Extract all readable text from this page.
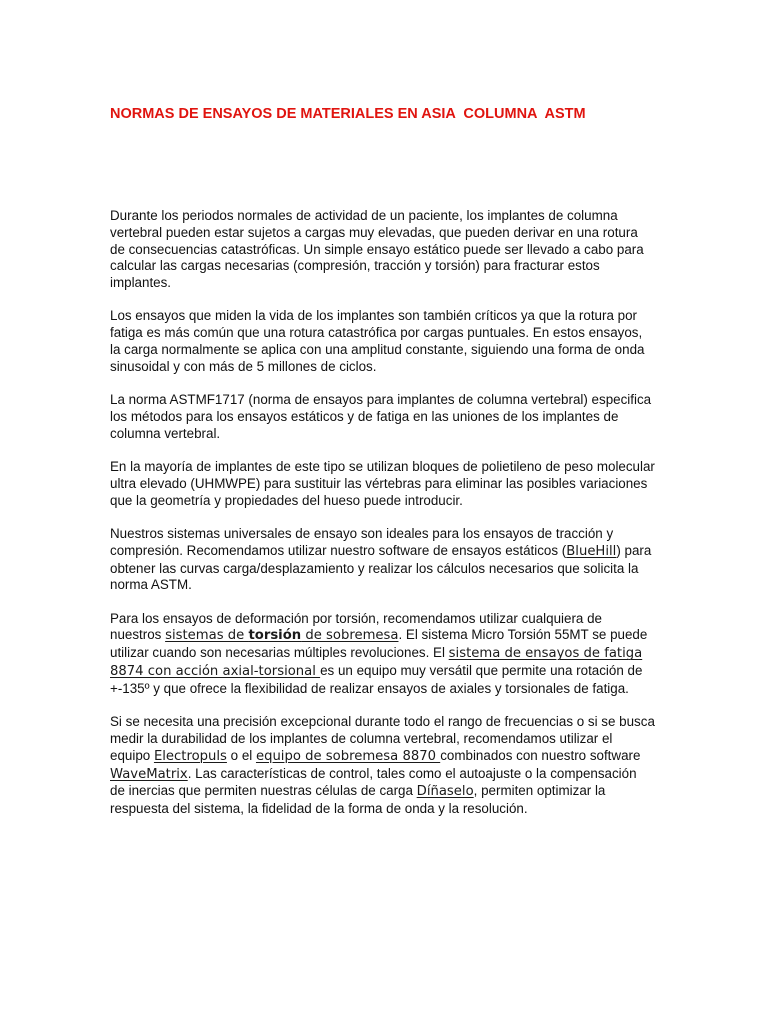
NORMAS DE ENSAYOS DE MATERIALES EN ASIA  COLUMNA  ASTM

Durante los periodos normales de actividad de un paciente, los implantes de columna vertebral pueden estar sujetos a cargas muy elevadas, que pueden derivar en una rotura de consecuencias catastróficas. Un simple ensayo estático puede ser llevado a cabo para calcular las cargas necesarias (compresión, tracción y torsión) para fracturar estos implantes.

Los ensayos que miden la vida de los implantes son también críticos ya que la rotura por fatiga es más común que una rotura catastrófica por cargas puntuales. En estos ensayos, la carga normalmente se aplica con una amplitud constante, siguiendo una forma de onda sinusoidal y con más de 5 millones de ciclos.

La norma ASTMF1717 (norma de ensayos para implantes de columna vertebral) especifica los métodos para los ensayos estáticos y de fatiga en las uniones de los implantes de columna vertebral.

En la mayoría de implantes de este tipo se utilizan bloques de polietileno de peso molecular ultra elevado (UHMWPE) para sustituir las vértebras para eliminar las posibles variaciones que la geometría y propiedades del hueso puede introducir.

Nuestros sistemas universales de ensayo son ideales para los ensayos de tracción y compresión. Recomendamos utilizar nuestro software de ensayos estáticos (BlueHill) para obtener las curvas carga/desplazamiento y realizar los cálculos necesarios que solicita la norma ASTM.

Para los ensayos de deformación por torsión, recomendamos utilizar cualquiera de nuestros sistemas de torsión de sobremesa. El sistema Micro Torsión 55MT se puede utilizar cuando son necesarias múltiples revoluciones. El sistema de ensayos de fatiga 8874 con acción axial-torsional es un equipo muy versátil que permite una rotación de +-135º y que ofrece la flexibilidad de realizar ensayos de axiales y torsionales de fatiga.

Si se necesita una precisión excepcional durante todo el rango de frecuencias o si se busca medir la durabilidad de los implantes de columna vertebral, recomendamos utilizar el equipo Electropuls o el equipo de sobremesa 8870 combinados con nuestro software WaveMatrix. Las características de control, tales como el autoajuste o la compensación de inercias que permiten nuestras células de carga Díñaselo, permiten optimizar la respuesta del sistema, la fidelidad de la forma de onda y la resolución.
